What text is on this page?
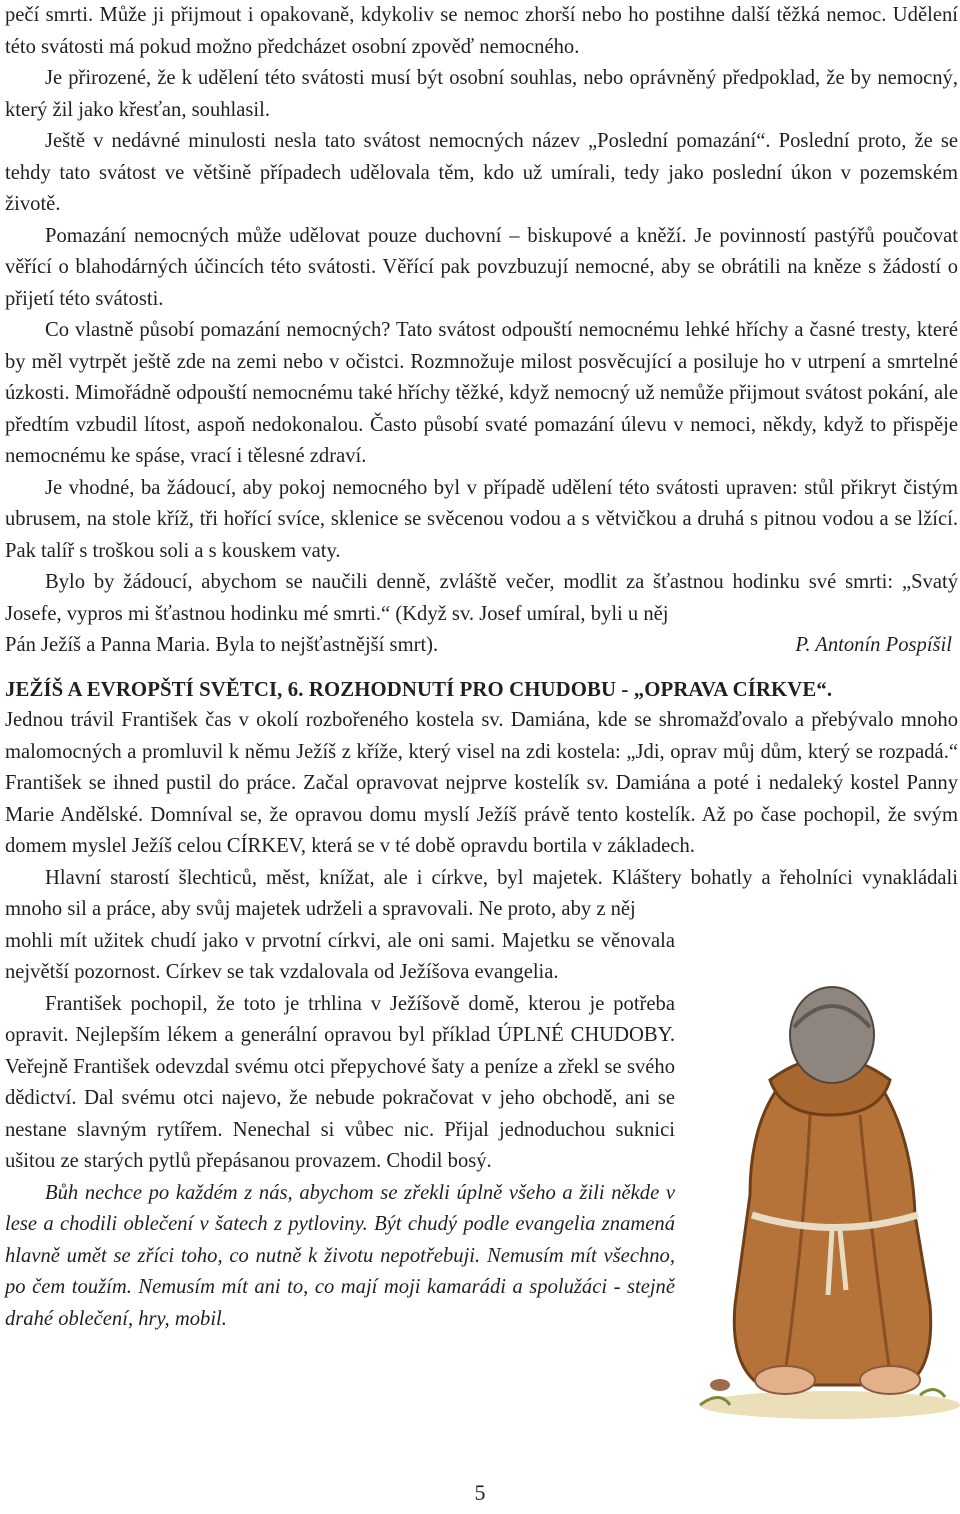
pečí smrti. Může ji přijmout i opakovaně, kdykoliv se nemoc zhorší nebo ho postihne další těžká nemoc. Udělení této svátosti má pokud možno předcházet osobní zpověď nemocného.

Je přirozené, že k udělení této svátosti musí být osobní souhlas, nebo oprávněný předpoklad, že by nemocný, který žil jako křesťan, souhlasil.

Ještě v nedávné minulosti nesla tato svátost nemocných název „Poslední pomazání“. Poslední proto, že se tehdy tato svátost ve většině případech udělovala těm, kdo už umírali, tedy jako poslední úkon v pozemském životě.

Pomazání nemocných může udělovat pouze duchovní – biskupové a kněží. Je povinností pastýřů poučovat věřící o blahodárných účincích této svátosti. Věřící pak povzbuzují nemocné, aby se obrátili na kněze s žádostí o přijetí této svátosti.

Co vlastně působí pomazání nemocných? Tato svátost odpouští nemocnému lehké hříchy a časné tresty, které by měl vytrpět ještě zde na zemi nebo v očistci. Rozmnožuje milost posvěcující a posiluje ho v utrpení a smrtelné úzkosti. Mimořádně odpouští nemocnému také hříchy těžké, když nemocný už nemůže přijmout svátost pokání, ale předtím vzbudil lítost, aspoň nedokonalou. Často působí svaté pomazání úlevu v nemoci, někdy, když to přispěje nemocnému ke spáse, vrací i tělesné zdraví.

Je vhodné, ba žádoucí, aby pokoj nemocného byl v případě udělení této svátosti upraven: stůl přikryt čistým ubrusem, na stole kříž, tři hořící svíce, sklenice se svěcenou vodou a s větvičkou a druhá s pitnou vodou a se lžící. Pak talíř s troškou soli a s kouskem vaty.

Bylo by žádoucí, abychom se naučili denně, zvláště večer, modlit za šťastnou hodinku své smrti: „Svatý Josefe, vypros mi šťastnou hodinku mé smrti.“ (Když sv. Josef umíral, byli u něj

Pán Ježíš a Panna Maria. Byla to nejšťastnější smrt).	P. Antonín Pospíšil

JEŽÍŠ A EVROPŠTÍ SVĚTCI, 6. ROZHODNUTÍ PRO CHUDOBU - „OPRAVA CÍRKVE“.

Jednou trávil František čas v okolí rozbořeného kostela sv. Damiána, kde se shromažďovalo a přebývalo mnoho malomocných a promluvil k němu Ježíš z kříže, který visel na zdi kostela: „Jdi, oprav můj dům, který se rozpadá.“ František se ihned pustil do práce. Začal opravovat nejprve kostelík sv. Damiána a poté i nedaleký kostel Panny Marie Andělské. Domníval se, že opravou domu myslí Ježíš právě tento kostelík. Až po čase pochopil, že svým domem myslel Ježíš celou CÍRKEV, která se v té době opravdu bortila v základech.

Hlavní starostí šlechticů, měst, knížat, ale i církve, byl majetek. Kláštery bohatly a řeholníci vynakládali mnoho sil a práce, aby svůj majetek udrželi a spravovali. Ne proto, aby z něj

mohli mít užitek chudí jako v prvotní církvi, ale oni sami. Majetku se věnovala největší pozornost. Církev se tak vzdalovala od Ježíšova evangelia.

František pochopil, že toto je trhlina v Ježíšově domě, kterou je potřeba opravit. Nejlepším lékem a generální opravou byl příklad ÚPLNÉ CHUDOBY. Veřejně František odevzdal svému otci přepychové šaty a peníze a zřekl se svého dědictví. Dal svému otci najevo, že nebude pokračovat v jeho obchodě, ani se nestane slavným rytířem. Nenechal si vůbec nic. Přijal jednoduchou suknici ušitou ze starých pytlů přepásanou provazem. Chodil bosý.

Bůh nechce po každém z nás, abychom se zřekli úplně všeho a žili někde v lese a chodili oblečení v šatech z pytloviny. Být chudý podle evangelia znamená hlavně umět se zříci toho, co nutně k životu nepotřebuji. Nemusím mít všechno, po čem toužím. Nemusím mít ani to, co mají moji kamarádi a spolužáci - stejně drahé oblečení, hry, mobil.

5
